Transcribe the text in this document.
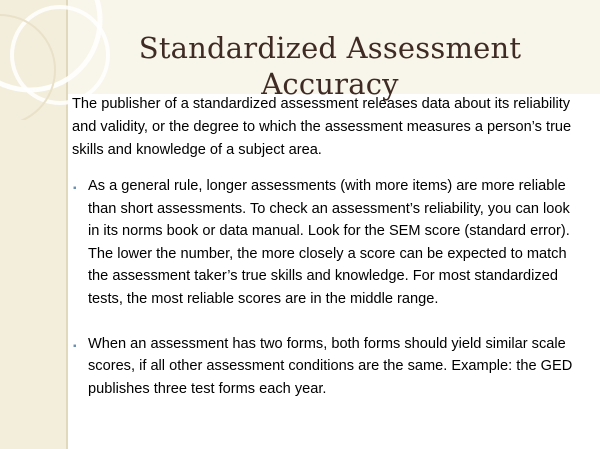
Standardized Assessment Accuracy

The publisher of a standardized assessment releases data about its reliability and validity, or the degree to which the assessment measures a person’s true skills and knowledge of a subject area.

▪ As a general rule, longer assessments (with more items) are more reliable than short assessments. To check an assessment’s reliability, you can look in its norms book or data manual. Look for the SEM score (standard error). The lower the number, the more closely a score can be expected to match the assessment taker’s true skills and knowledge. For most standardized tests, the most reliable scores are in the middle range.
▪ When an assessment has two forms, both forms should yield similar scale scores, if all other assessment conditions are the same. Example: the GED publishes three test forms each year.
